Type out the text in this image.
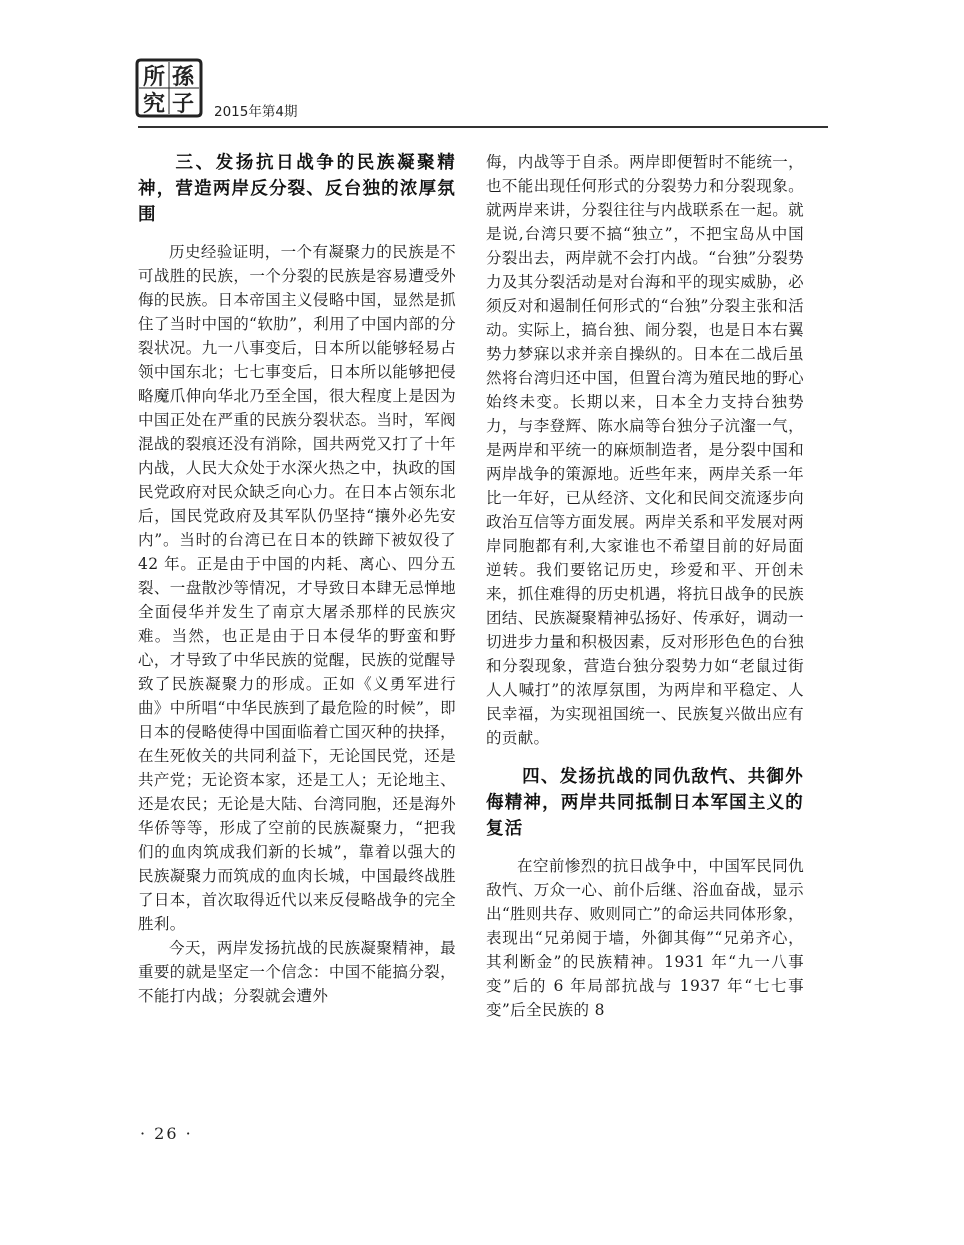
所 孫
究 子 2015年第4期
三、发扬抗日战争的民族凝聚精神，营造两岸反分裂、反台独的浓厚氛围

历史经验证明，一个有凝聚力的民族是不可战胜的民族，一个分裂的民族是容易遭受外侮的民族。日本帝国主义侵略中国，显然是抓住了当时中国的“软肋”，利用了中国内部的分裂状况。九一八事变后，日本所以能够轻易占领中国东北；七七事变后，日本所以能够把侵略魔爪伸向华北乃至全国，很大程度上是因为中国正处在严重的民族分裂状态。当时，军阀混战的裂痕还没有消除，国共两党又打了十年内战，人民大众处于水深火热之中，执政的国民党政府对民众缺乏向心力。在日本占领东北后，国民党政府及其军队仍坚持“攘外必先安内”。当时的台湾已在日本的铁蹄下被奴役了 42 年。正是由于中国的内耗、离心、四分五裂、一盘散沙等情况，才导致日本肆无忌惮地全面侵华并发生了南京大屠杀那样的民族灾难。当然，也正是由于日本侵华的野蛮和野心，才导致了中华民族的觉醒，民族的觉醒导致了民族凝聚力的形成。正如《义勇军进行曲》中所唱“中华民族到了最危险的时候”，即日本的侵略使得中国面临着亡国灭种的抉择，在生死攸关的共同利益下，无论国民党，还是共产党；无论资本家，还是工人；无论地主、还是农民；无论是大陆、台湾同胞，还是海外华侨等等，形成了空前的民族凝聚力，“把我们的血肉筑成我们新的长城”，靠着以强大的民族凝聚力而筑成的血肉长城，中国最终战胜了日本，首次取得近代以来反侵略战争的完全胜利。

今天，两岸发扬抗战的民族凝聚精神，最重要的就是坚定一个信念：中国不能搞分裂，不能打内战；分裂就会遭外

侮，内战等于自杀。两岸即便暂时不能统一，也不能出现任何形式的分裂势力和分裂现象。就两岸来讲，分裂往往与内战联系在一起。就是说,台湾只要不搞“独立”，不把宝岛从中国分裂出去，两岸就不会打内战。“台独”分裂势力及其分裂活动是对台海和平的现实威胁，必须反对和遏制任何形式的“台独”分裂主张和活动。实际上，搞台独、闹分裂，也是日本右翼势力梦寐以求并亲自操纵的。日本在二战后虽然将台湾归还中国，但置台湾为殖民地的野心始终未变。长期以来，日本全力支持台独势力，与李登辉、陈水扁等台独分子沆瀣一气，是两岸和平统一的麻烦制造者，是分裂中国和两岸战争的策源地。近些年来，两岸关系一年比一年好，已从经济、文化和民间交流逐步向政治互信等方面发展。两岸关系和平发展对两岸同胞都有利,大家谁也不希望目前的好局面逆转。我们要铭记历史，珍爱和平、开创未来，抓住难得的历史机遇，将抗日战争的民族团结、民族凝聚精神弘扬好、传承好，调动一切进步力量和积极因素，反对形形色色的台独和分裂现象，营造台独分裂势力如“老鼠过街人人喊打”的浓厚氛围，为两岸和平稳定、人民幸福，为实现祖国统一、民族复兴做出应有的贡献。

四、发扬抗战的同仇敌忾、共御外侮精神，两岸共同抵制日本军国主义的复活

在空前惨烈的抗日战争中，中国军民同仇敌忾、万众一心、前仆后继、浴血奋战，显示出“胜则共存、败则同亡”的命运共同体形象，表现出“兄弟阋于墙，外御其侮”“兄弟齐心，其利断金”的民族精神。1931 年“九一八事变”后的 6 年局部抗战与 1937 年“七七事变”后全民族的 8

· 26 ·
